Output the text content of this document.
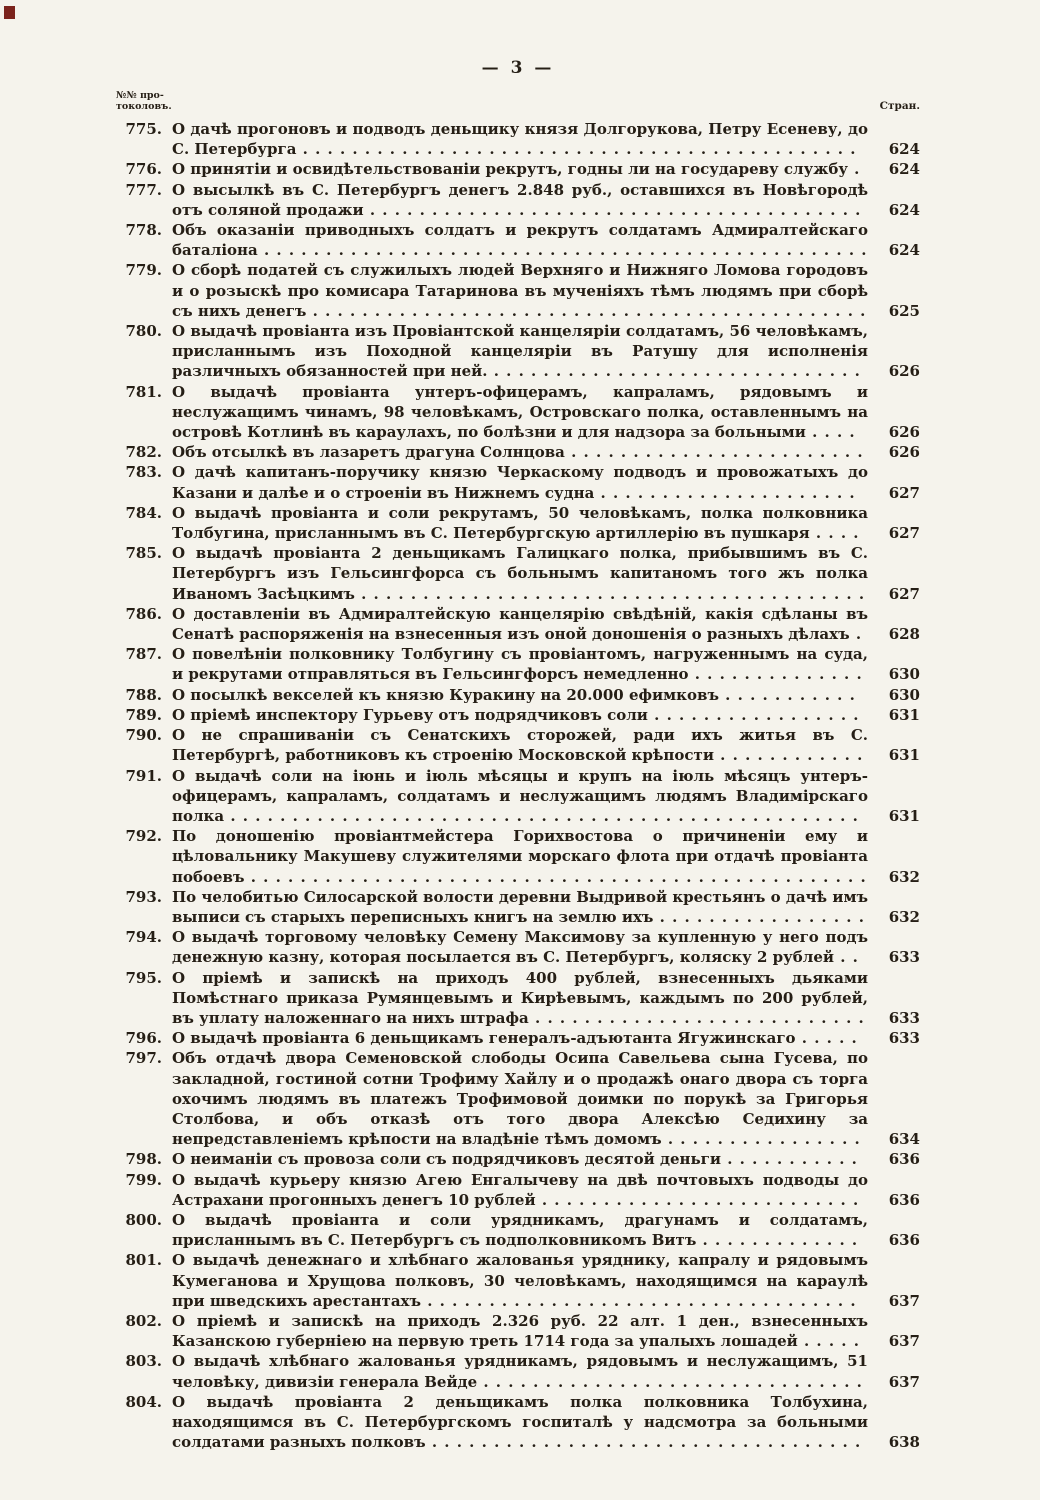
— 3 —
№№ про-
токоловъ.	Стран.
775. О дачѣ прогоновъ и подводъ деньщику князя Долгорукова, Петру Есеневу, до С. Петербурга . . . . . . . . . . . . . . . . . . . . . . . . . . . . . . . . . . . . . . . . . . . . .	624
776. О принятіи и освидѣтельствованіи рекрутъ, годны ли на государеву службу .	624
777. О высылкѣ въ С. Петербургъ денегъ 2.848 руб., оставшихся въ Новѣгородѣ отъ соляной продажи . . . . . . . . . . . . . . . . . . . . . . . . . . . . . . . . . . . . . . . .	624
778. Объ оказаніи приводныхъ солдатъ и рекрутъ солдатамъ Адмиралтейскаго баталіона . . . . . . . . . . . . . . . . . . . . . . . . . . . . . . . . . . . . . . . . . . . . . . . . .	624
779. О сборѣ податей съ служилыхъ людей Верхняго и Нижняго Ломова городовъ и о розыскѣ про комисара Татаринова въ мученіяхъ тѣмъ людямъ при сборѣ съ нихъ денегъ . . . . . . . . . . . . . . . . . . . . . . . . . . . . . . . . . . . . . . . . . . . . .	625
780. О выдачѣ провіанта изъ Провіантской канцеляріи солдатамъ, 56 человѣкамъ, присланнымъ изъ Походной канцеляріи въ Ратушу для исполненія различныхъ обязанностей при ней. . . . . . . . . . . . . . . . . . . . . . . . . . . . . . .	626
781. О выдачѣ провіанта унтеръ-офицерамъ, капраламъ, рядовымъ и неслужащимъ чинамъ, 98 человѣкамъ, Островскаго полка, оставленнымъ на островѣ Котлинѣ въ караулахъ, по болѣзни и для надзора за больными . . . .	626
782. Объ отсылкѣ въ лазаретъ драгуна Солнцова . . . . . . . . . . . . . . . . . . . . . . . .	626
783. О дачѣ капитанъ-поручику князю Черкаскому подводъ и провожатыхъ до Казани и далѣе и о строеніи въ Нижнемъ судна . . . . . . . . . . . . . . . . . . . . .	627
784. О выдачѣ провіанта и соли рекрутамъ, 50 человѣкамъ, полка полковника Толбугина, присланнымъ въ С. Петербургскую артиллерію въ пушкаря . . . .	627
785. О выдачѣ провіанта 2 деньщикамъ Галицкаго полка, прибывшимъ въ С. Петербургъ изъ Гельсингфорса съ больнымъ капитаномъ того жъ полка Иваномъ Засѣцкимъ . . . . . . . . . . . . . . . . . . . . . . . . . . . . . . . . . . . . . . . . .	627
786. О доставленіи въ Адмиралтейскую канцелярію свѣдѣній, какія сдѣланы въ Сенатѣ распоряженія на взнесенныя изъ оной доношенія о разныхъ дѣлахъ .	628
787. О повелѣніи полковнику Толбугину съ провіантомъ, нагруженнымъ на суда, и рекрутами отправляться въ Гельсингфорсъ немедленно . . . . . . . . . . . . . .	630
788. О посылкѣ векселей къ князю Куракину на 20.000 ефимковъ . . . . . . . . . . .	630
789. О пріемѣ инспектору Гурьеву отъ подрядчиковъ соли . . . . . . . . . . . . . . . . .	631
790. О не спрашиваніи съ Сенатскихъ сторожей, ради ихъ житья въ С. Петербургѣ, работниковъ къ строенію Московской крѣпости . . . . . . . . . . . .	631
791. О выдачѣ соли на іюнь и іюль мѣсяцы и крупъ на іюль мѣсяцъ унтеръ-офицерамъ, капраламъ, солдатамъ и неслужащимъ людямъ Владимірскаго полка . . . . . . . . . . . . . . . . . . . . . . . . . . . . . . . . . . . . . . . . . . . . . . . . . . .	631
792. По доношенію провіантмейстера Горихвостова о причиненіи ему и цѣловальнику Макушеву служителями морскаго флота при отдачѣ провіанта побоевъ . . . . . . . . . . . . . . . . . . . . . . . . . . . . . . . . . . . . . . . . . . . . . . . . . .	632
793. По челобитью Силосарской волости деревни Выдривой крестьянъ о дачѣ имъ выписи съ старыхъ переписныхъ книгъ на землю ихъ . . . . . . . . . . . . . . . . .	632
794. О выдачѣ торговому человѣку Семену Максимову за купленную у него подъ денежную казну, которая посылается въ С. Петербургъ, коляску 2 рублей . .	633
795. О пріемѣ и запискѣ на приходъ 400 рублей, взнесенныхъ дьяками Помѣстнаго приказа Румянцевымъ и Кирѣевымъ, каждымъ по 200 рублей, въ уплату наложеннаго на нихъ штрафа . . . . . . . . . . . . . . . . . . . . . . . . . . .	633
796. О выдачѣ провіанта 6 деньщикамъ генералъ-адъютанта Ягужинскаго . . . . .	633
797. Объ отдачѣ двора Семеновской слободы Осипа Савельева сына Гусева, по закладной, гостиной сотни Трофиму Хайлу и о продажѣ онаго двора съ торга охочимъ людямъ въ платежъ Трофимовой доимки по порукѣ за Григорья Столбова, и объ отказѣ отъ того двора Алексѣю Седихину за непредставленіемъ крѣпости на владѣніе тѣмъ домомъ . . . . . . . . . . . . . . . .	634
798. О неиманіи съ провоза соли съ подрядчиковъ десятой деньги . . . . . . . . . . .	636
799. О выдачѣ курьеру князю Агею Енгалычеву на двѣ почтовыхъ подводы до Астрахани прогонныхъ денегъ 10 рублей . . . . . . . . . . . . . . . . . . . . . . . . . .	636
800. О выдачѣ провіанта и соли урядникамъ, драгунамъ и солдатамъ, присланнымъ въ С. Петербургъ съ подполковникомъ Витъ . . . . . . . . . . . . .	636
801. О выдачѣ денежнаго и хлѣбнаго жалованья уряднику, капралу и рядовымъ Кумеганова и Хрущова полковъ, 30 человѣкамъ, находящимся на караулѣ при шведскихъ арестантахъ . . . . . . . . . . . . . . . . . . . . . . . . . . . . . . . . . . .	637
802. О пріемѣ и запискѣ на приходъ 2.326 руб. 22 алт. 1 ден., взнесенныхъ Казанскою губерніею на первую треть 1714 года за упалыхъ лошадей . . . . .	637
803. О выдачѣ хлѣбнаго жалованья урядникамъ, рядовымъ и неслужащимъ, 51 человѣку, дивизіи генерала Вейде . . . . . . . . . . . . . . . . . . . . . . . . . . . . . . .	637
804. О выдачѣ провіанта 2 деньщикамъ полка полковника Толбухина, находящимся въ С. Петербургскомъ госпиталѣ у надсмотра за больными солдатами разныхъ полковъ . . . . . . . . . . . . . . . . . . . . . . . . . . . . . . . . . . .	638
